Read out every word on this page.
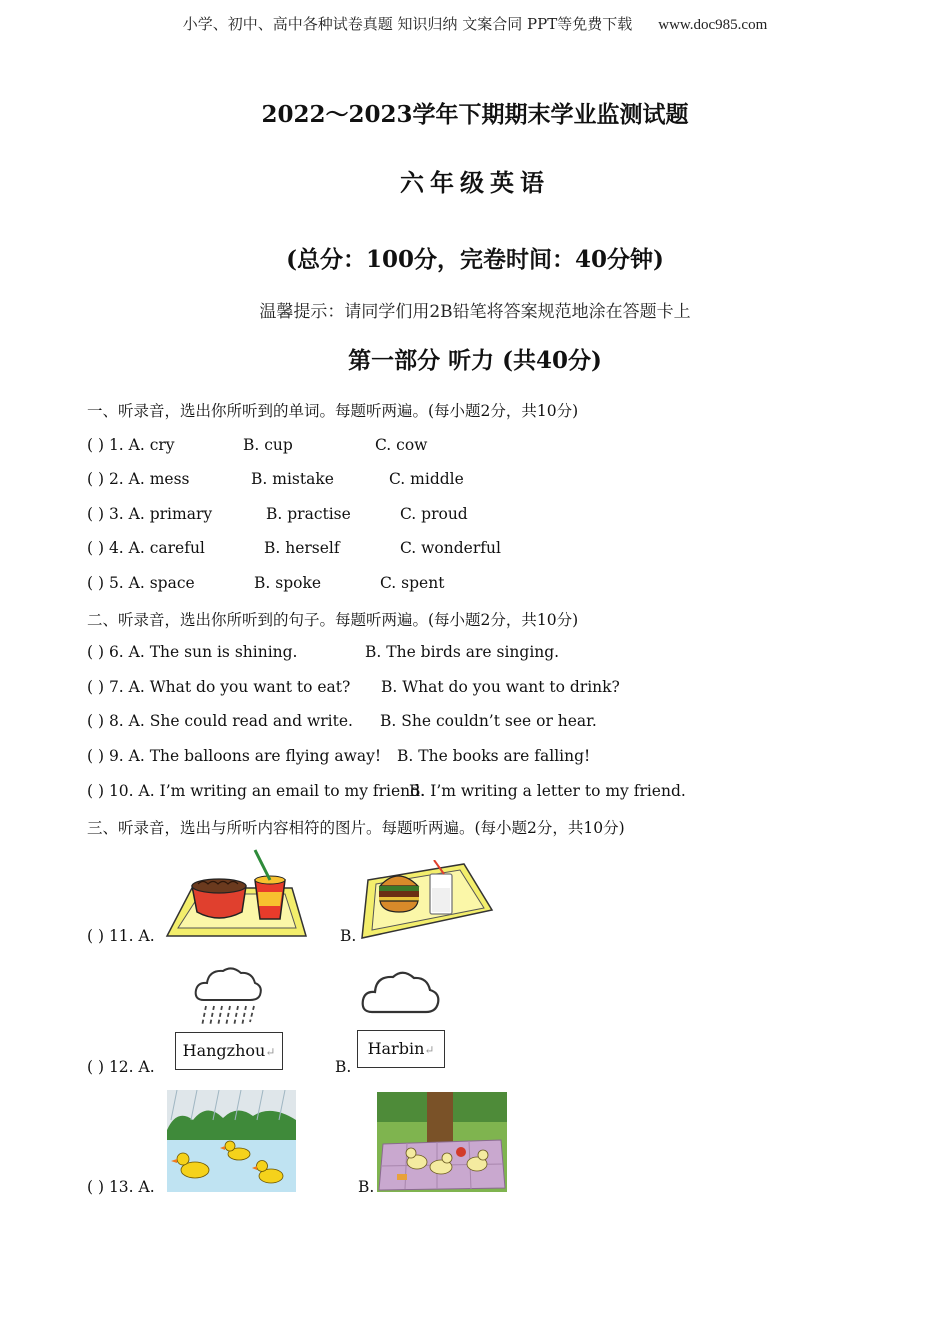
小学、初中、高中各种试卷真题 知识归纳 文案合同 PPT等免费下载 www.doc985.com
2022～2023学年下期期末学业监测试题
六年级英语
(总分：100分，完卷时间：40分钟)
温馨提示：请同学们用2B铅笔将答案规范地涂在答题卡上
第一部分 听力 (共40分)
一、听录音，选出你所听到的单词。每题听两遍。(每小题2分，共10分)
( ) 1. A. cry	B. cup	C. cow
( ) 2. A. mess	B. mistake	C. middle
( ) 3. A. primary	B. practise	C. proud
( ) 4. A. careful	B. herself	C. wonderful
( ) 5. A. space	B. spoke	C. spent
二、听录音，选出你所听到的句子。每题听两遍。(每小题2分，共10分)
( ) 6. A. The sun is shining.	B. The birds are singing.
( ) 7. A. What do you want to eat? B. What do you want to drink?
( ) 8. A. She could read and write. B. She couldn’t see or hear.
( ) 9. A. The balloons are flying away! B. The books are falling!
( ) 10. A. I’m writing an email to my friend.
B. I’m writing a letter to my friend.
三、听录音，选出与所听内容相符的图片。每题听两遍。(每小题2分，共10分)
( ) 11. A.	B.
( ) 12. A.	B.
Hangzhou↵	Harbin↵
( ) 13. A.	B.
